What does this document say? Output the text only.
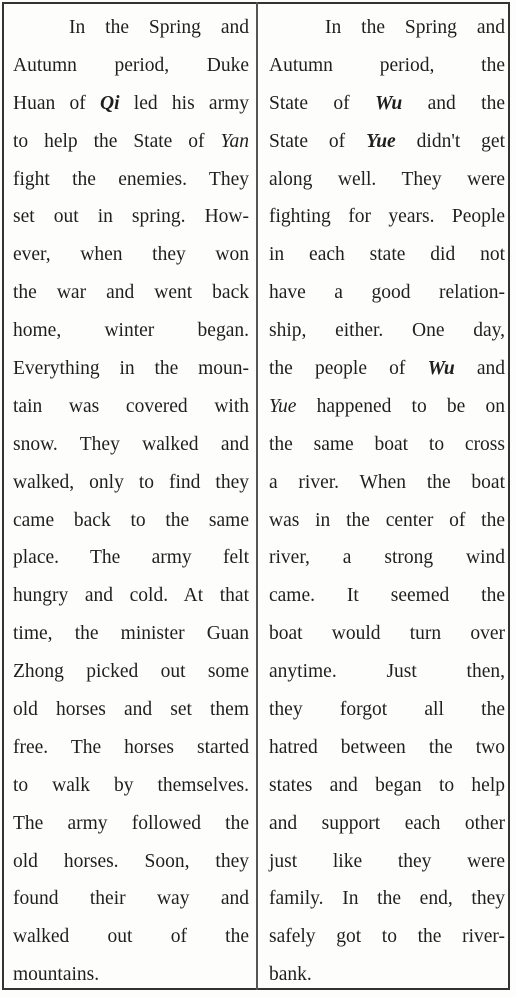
In the Spring and
Autumn period, Duke
Huan of Qi led his army
to help the State of Yan
fight the enemies. They
set out in spring. How-
ever, when they won
the war and went back
home, winter began.
Everything in the moun-
tain was covered with
snow. They walked and
walked, only to find they
came back to the same
place. The army felt
hungry and cold. At that
time, the minister Guan
Zhong picked out some
old horses and set them
free. The horses started
to walk by themselves.
The army followed the
old horses. Soon, they
found their way and
walked out of the
mountains.
In the Spring and
Autumn period, the
State of Wu and the
State of Yue didn't get
along well. They were
fighting for years. People
in each state did not
have a good relation-
ship, either. One day,
the people of Wu and
Yue happened to be on
the same boat to cross
a river. When the boat
was in the center of the
river, a strong wind
came. It seemed the
boat would turn over
anytime. Just then,
they forgot all the
hatred between the two
states and began to help
and support each other
just like they were
family. In the end, they
safely got to the river-
bank.
